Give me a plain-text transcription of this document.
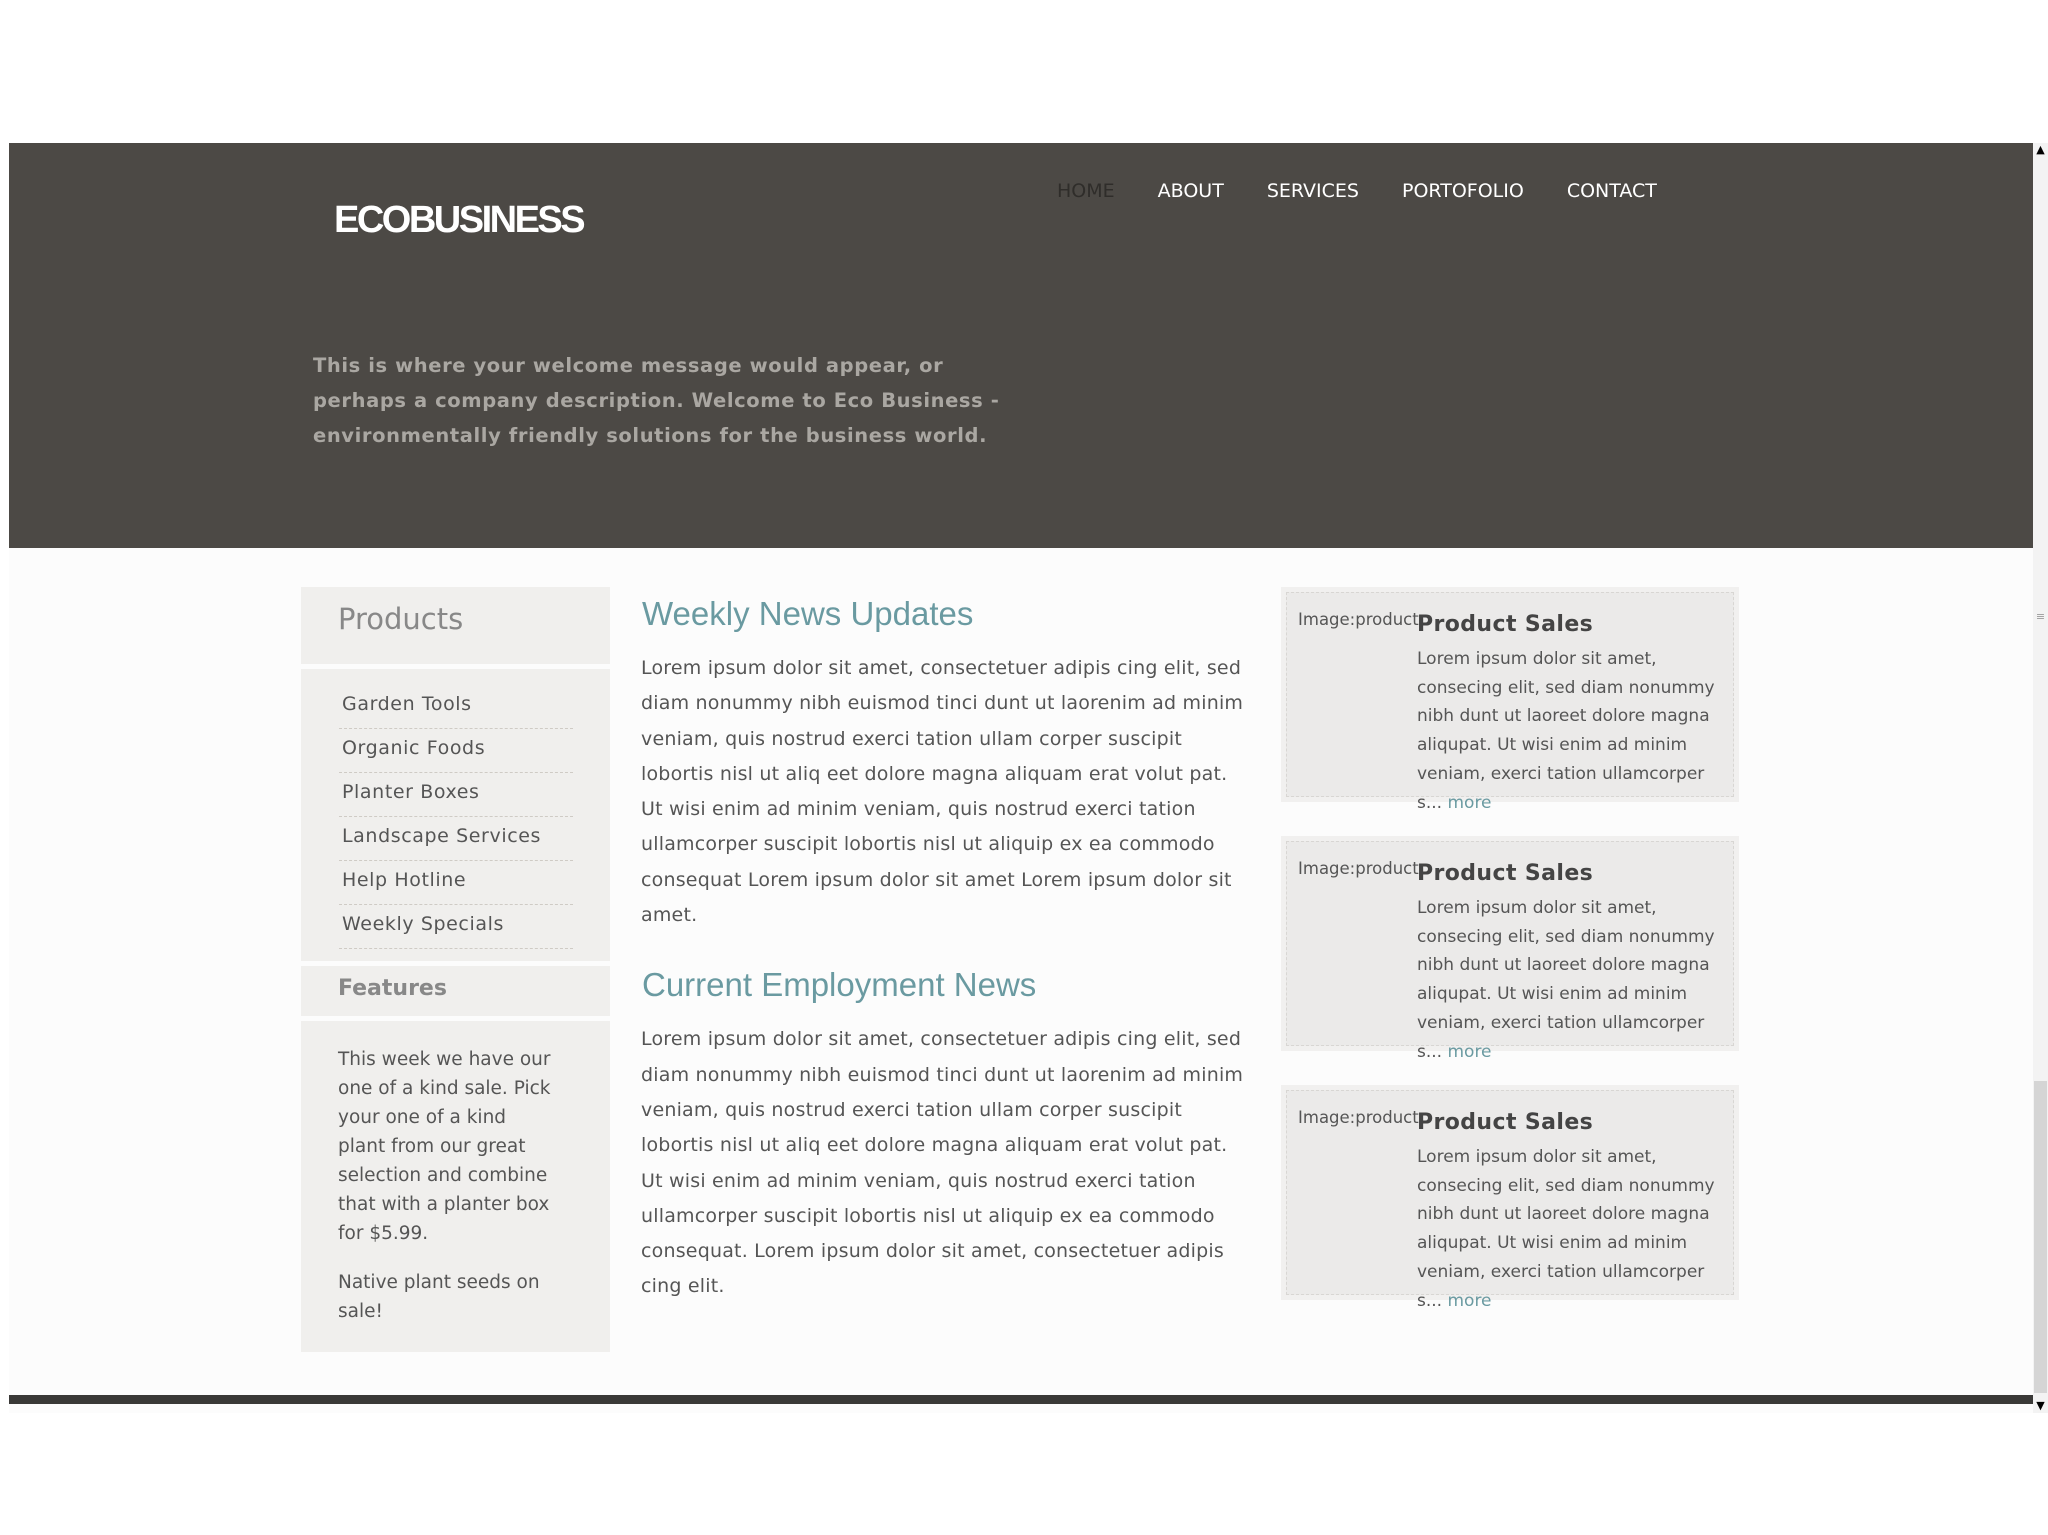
ECOBUSINESS
HOME ABOUT SERVICES PORTOFOLIO CONTACT

This is where your welcome message would appear, or perhaps a company description. Welcome to Eco Business - environmentally friendly solutions for the business world.

Products
Garden Tools
Organic Foods
Planter Boxes
Landscape Services
Help Hotline
Weekly Specials
Features

This week we have our one of a kind sale. Pick your one of a kind plant from our great selection and combine that with a planter box for $5.99.

Native plant seeds on sale!

Weekly News Updates

Lorem ipsum dolor sit amet, consectetuer adipis cing elit, sed diam nonummy nibh euismod tinci dunt ut laorenim ad minim veniam, quis nostrud exerci tation ullam corper suscipit lobortis nisl ut aliq eet dolore magna aliquam erat volut pat. Ut wisi enim ad minim veniam, quis nostrud exerci tation ullamcorper suscipit lobortis nisl ut aliquip ex ea commodo consequat Lorem ipsum dolor sit amet Lorem ipsum dolor sit amet.

Current Employment News

Lorem ipsum dolor sit amet, consectetuer adipis cing elit, sed diam nonummy nibh euismod tinci dunt ut laorenim ad minim veniam, quis nostrud exerci tation ullam corper suscipit lobortis nisl ut aliq eet dolore magna aliquam erat volut pat. Ut wisi enim ad minim veniam, quis nostrud exerci tation ullamcorper suscipit lobortis nisl ut aliquip ex ea commodo consequat. Lorem ipsum dolor sit amet, consectetuer adipis cing elit.

Image:product
Product Sales

Lorem ipsum dolor sit amet, consecing elit, sed diam nonummy nibh dunt ut laoreet dolore magna aliqupat. Ut wisi enim ad minim veniam, exerci tation ullamcorper s... more

Image:product
Product Sales

Lorem ipsum dolor sit amet, consecing elit, sed diam nonummy nibh dunt ut laoreet dolore magna aliqupat. Ut wisi enim ad minim veniam, exerci tation ullamcorper s... more

Image:product
Product Sales

Lorem ipsum dolor sit amet, consecing elit, sed diam nonummy nibh dunt ut laoreet dolore magna aliqupat. Ut wisi enim ad minim veniam, exerci tation ullamcorper s... more

▲
≡
▼
